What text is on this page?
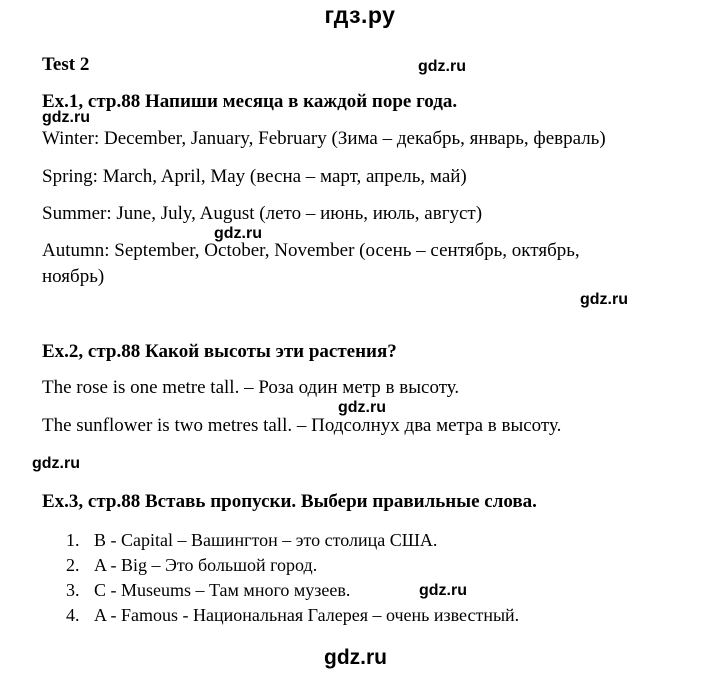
гдз.ру
Test 2	gdz.ru
Ex.1, стр.88 Напиши месяца в каждой поре года.
gdz.ru
Winter: December, January, February (Зима – декабрь, январь, февраль)
Spring: March, April, May (весна – март, апрель, май)
Summer: June, July, August (лето – июнь, июль, август)
gdz.ru
Autumn: September, October, November (осень – сентябрь, октябрь,
ноябрь)
gdz.ru
Ex.2, стр.88 Какой высоты эти растения?
The rose is one metre tall. – Роза один метр в высоту.
gdz.ru
The sunflower is two metres tall. – Подсолнух два метра в высоту.
gdz.ru
Ex.3, стр.88 Вставь пропуски. Выбери правильные слова.
1. B - Capital – Вашингтон – это столица США.
2. A - Big – Это большой город.
3. C - Museums – Там много музеев.	gdz.ru
4. A - Famous - Национальная Галерея – очень известный.
gdz.ru
